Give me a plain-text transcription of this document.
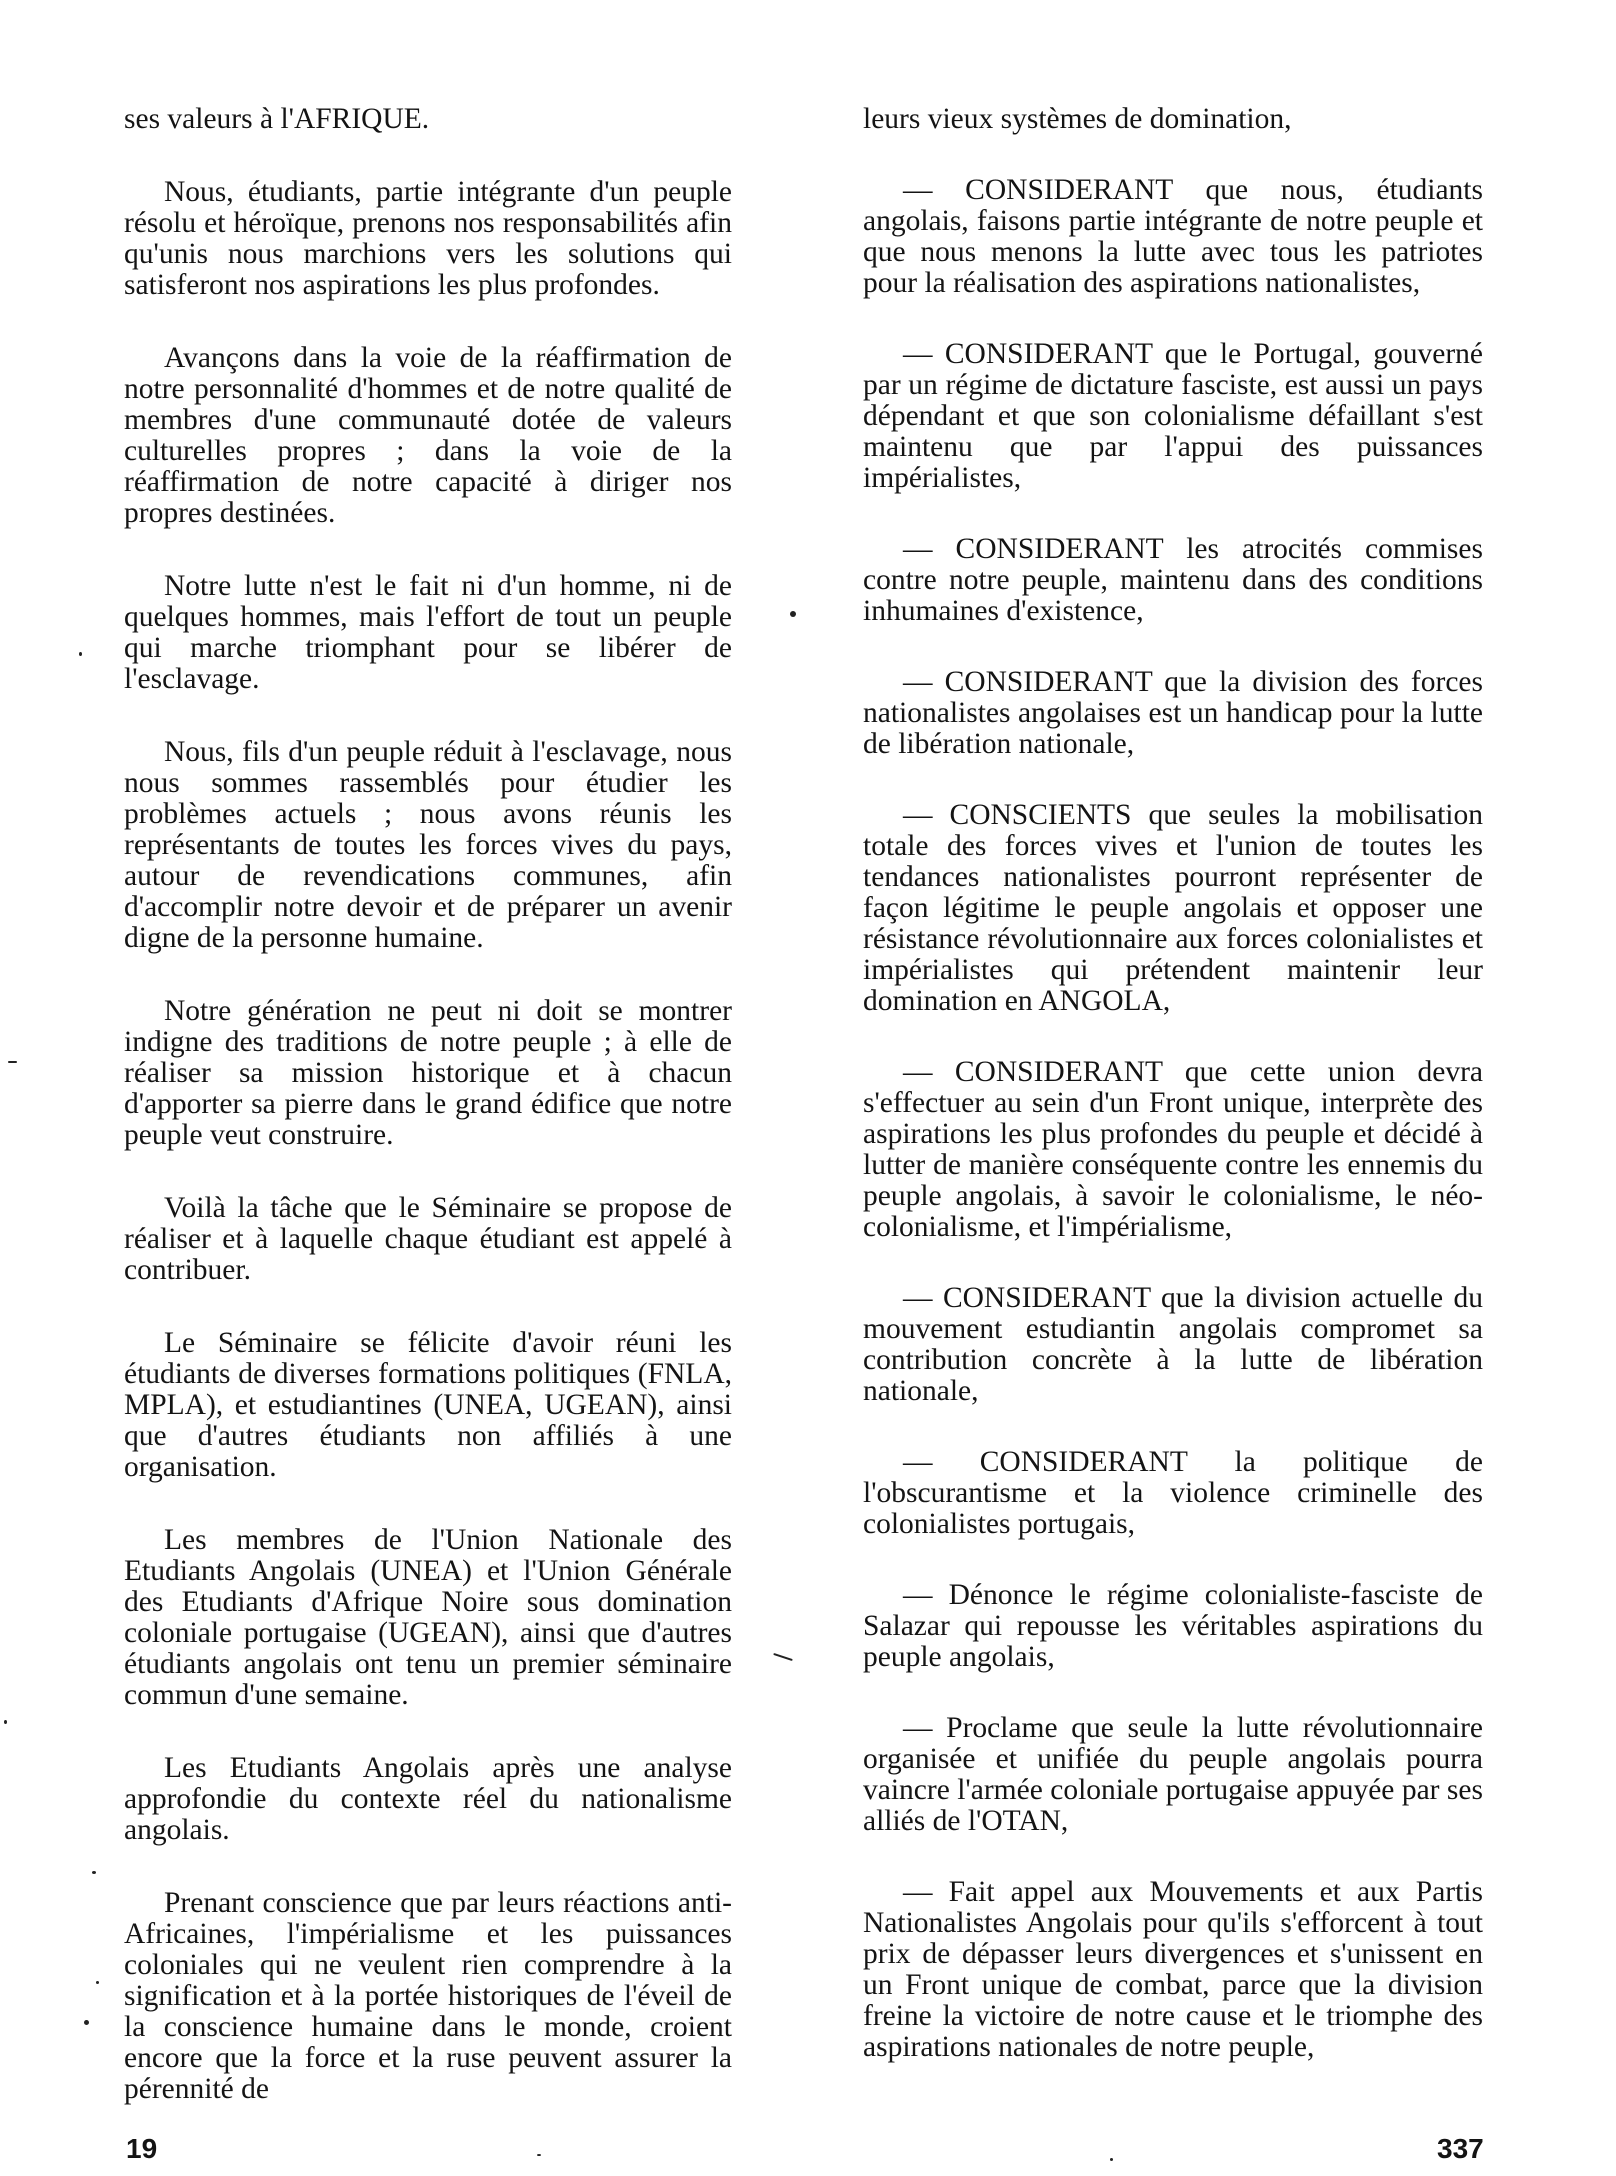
ses valeurs à l'AFRIQUE.

Nous, étudiants, partie intégrante d'un peuple résolu et héroïque, prenons nos responsabilités afin qu'unis nous marchions vers les solutions qui satisferont nos aspirations les plus profondes.

Avançons dans la voie de la réaffirmation de notre personnalité d'hommes et de notre qualité de membres d'une communauté dotée de valeurs culturelles propres ; dans la voie de la réaffirmation de notre capacité à diriger nos propres destinées.

Notre lutte n'est le fait ni d'un homme, ni de quelques hommes, mais l'effort de tout un peuple qui marche triomphant pour se libérer de l'esclavage.

Nous, fils d'un peuple réduit à l'esclavage, nous nous sommes rassemblés pour étudier les problèmes actuels ; nous avons réunis les représentants de toutes les forces vives du pays, autour de revendications communes, afin d'accomplir notre devoir et de préparer un avenir digne de la personne humaine.

Notre génération ne peut ni doit se montrer indigne des traditions de notre peuple ; à elle de réaliser sa mission historique et à chacun d'apporter sa pierre dans le grand édifice que notre peuple veut construire.

Voilà la tâche que le Séminaire se propose de réaliser et à laquelle chaque étudiant est appelé à contribuer.

Le Séminaire se félicite d'avoir réuni les étudiants de diverses formations politiques (FNLA, MPLA), et estudiantines (UNEA, UGEAN), ainsi que d'autres étudiants non affiliés à une organisation.

Les membres de l'Union Nationale des Etudiants Angolais (UNEA) et l'Union Générale des Etudiants d'Afrique Noire sous domination coloniale portugaise (UGEAN), ainsi que d'autres étudiants angolais ont tenu un premier séminaire commun d'une semaine.

Les Etudiants Angolais après une analyse approfondie du contexte réel du nationalisme angolais.

Prenant conscience que par leurs réactions anti-Africaines, l'impérialisme et les puissances coloniales qui ne veulent rien comprendre à la signification et à la portée historiques de l'éveil de la conscience humaine dans le monde, croient encore que la force et la ruse peuvent assurer la pérennité de

leurs vieux systèmes de domination,

— CONSIDERANT que nous, étudiants angolais, faisons partie intégrante de notre peuple et que nous menons la lutte avec tous les patriotes pour la réalisation des aspirations nationalistes,

— CONSIDERANT que le Portugal, gouverné par un régime de dictature fasciste, est aussi un pays dépendant et que son colonialisme défaillant s'est maintenu que par l'appui des puissances impérialistes,

— CONSIDERANT les atrocités commises contre notre peuple, maintenu dans des conditions inhumaines d'existence,

— CONSIDERANT que la division des forces nationalistes angolaises est un handicap pour la lutte de libération nationale,

— CONSCIENTS que seules la mobilisation totale des forces vives et l'union de toutes les tendances nationalistes pourront représenter de façon légitime le peuple angolais et opposer une résistance révolutionnaire aux forces colonialistes et impérialistes qui prétendent maintenir leur domination en ANGOLA,

— CONSIDERANT que cette union devra s'effectuer au sein d'un Front unique, interprète des aspirations les plus profondes du peuple et décidé à lutter de manière conséquente contre les ennemis du peuple angolais, à savoir le colonialisme, le néo-colonialisme, et l'impérialisme,

— CONSIDERANT que la division actuelle du mouvement estudiantin angolais compromet sa contribution concrète à la lutte de libération nationale,

— CONSIDERANT la politique de l'obscurantisme et la violence criminelle des colonialistes portugais,

— Dénonce le régime colonialiste-fasciste de Salazar qui repousse les véritables aspirations du peuple angolais,

— Proclame que seule la lutte révolutionnaire organisée et unifiée du peuple angolais pourra vaincre l'armée coloniale portugaise appuyée par ses alliés de l'OTAN,

— Fait appel aux Mouvements et aux Partis Nationalistes Angolais pour qu'ils s'efforcent à tout prix de dépasser leurs divergences et s'unissent en un Front unique de combat, parce que la division freine la victoire de notre cause et le triomphe des aspirations nationales de notre peuple,

19	337
